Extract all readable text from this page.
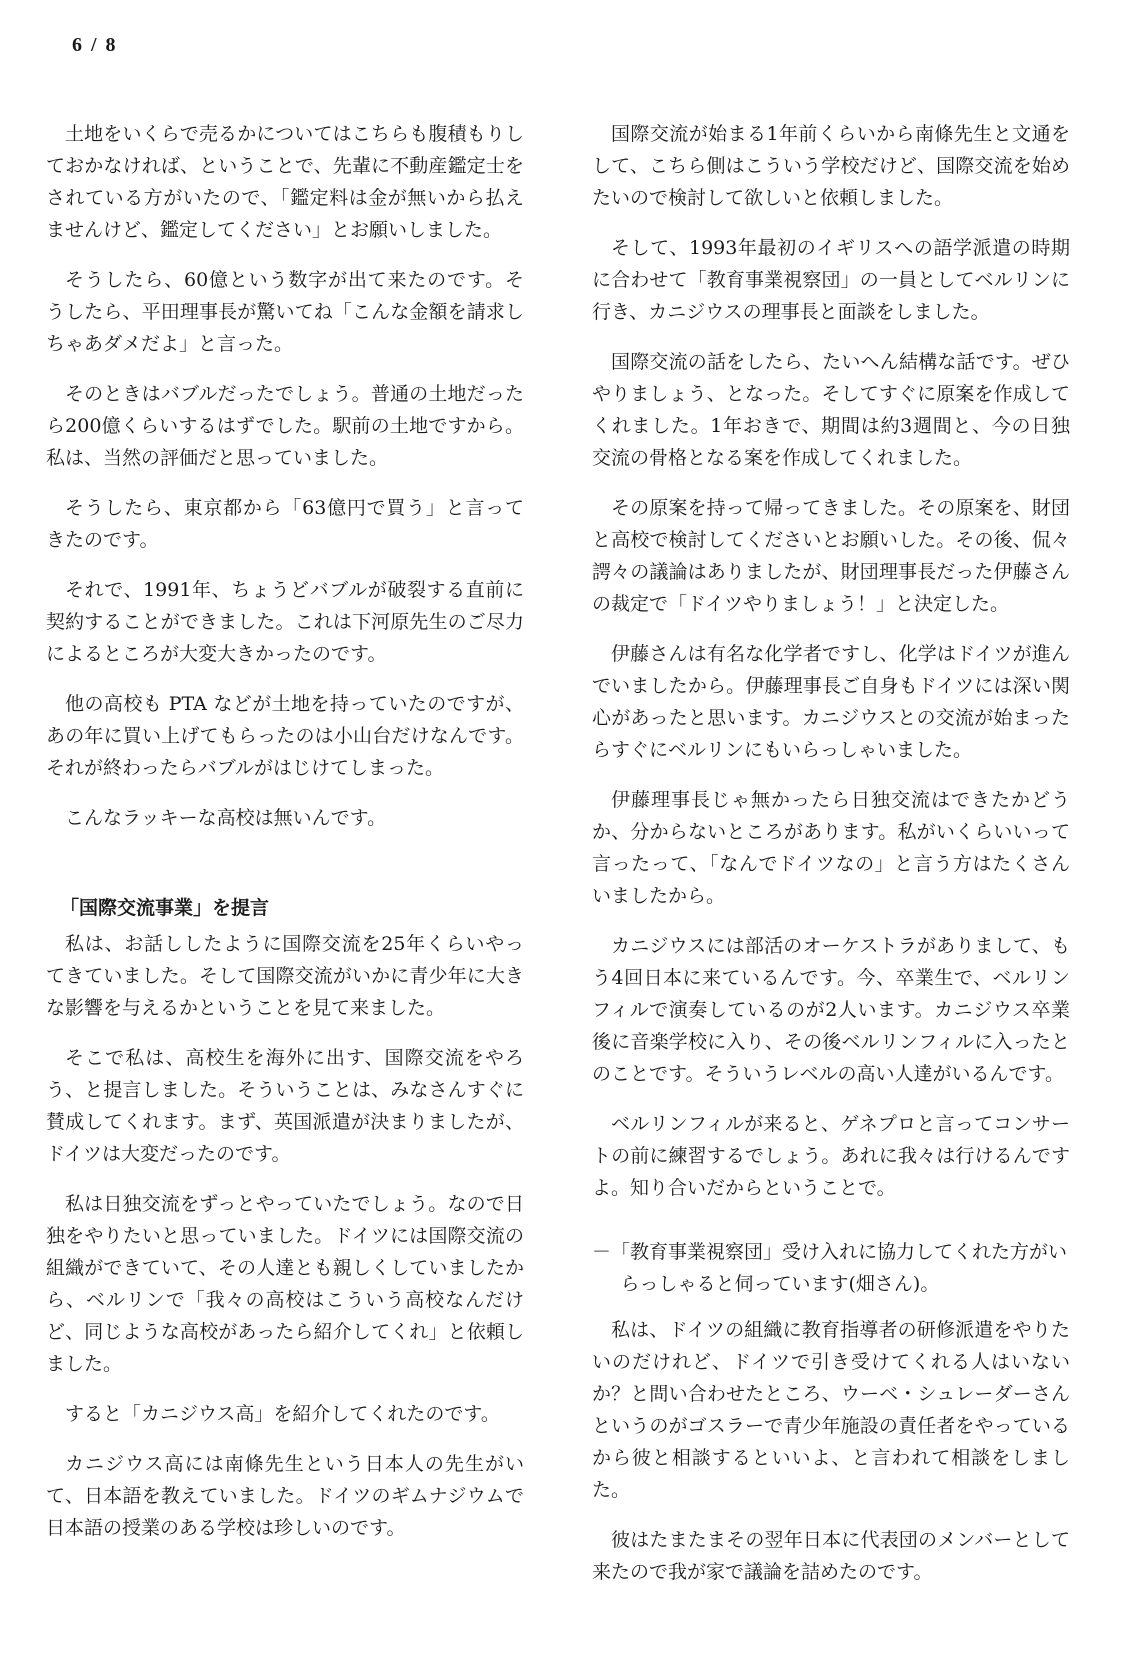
6 / 8

土地をいくらで売るかについてはこちらも腹積もりしておかなければ、ということで、先輩に不動産鑑定士をされている方がいたので、「鑑定料は金が無いから払えませんけど、鑑定してください」とお願いしました。

そうしたら、60億という数字が出て来たのです。そうしたら、平田理事長が驚いてね「こんな金額を請求しちゃあダメだよ」と言った。

そのときはバブルだったでしょう。普通の土地だったら200億くらいするはずでした。駅前の土地ですから。私は、当然の評価だと思っていました。

そうしたら、東京都から「63億円で買う」と言ってきたのです。

それで、1991年、ちょうどバブルが破裂する直前に契約することができました。これは下河原先生のご尽力によるところが大変大きかったのです。

他の高校も PTA などが土地を持っていたのですが、あの年に買い上げてもらったのは小山台だけなんです。それが終わったらバブルがはじけてしまった。

こんなラッキーな高校は無いんです。

「国際交流事業」を提言

私は、お話ししたように国際交流を25年くらいやってきていました。そして国際交流がいかに青少年に大きな影響を与えるかということを見て来ました。

そこで私は、高校生を海外に出す、国際交流をやろう、と提言しました。そういうことは、みなさんすぐに賛成してくれます。まず、英国派遣が決まりましたが、ドイツは大変だったのです。

私は日独交流をずっとやっていたでしょう。なので日独をやりたいと思っていました。ドイツには国際交流の組織ができていて、その人達とも親しくしていましたから、ベルリンで「我々の高校はこういう高校なんだけど、同じような高校があったら紹介してくれ」と依頼しました。

すると「カニジウス高」を紹介してくれたのです。

カニジウス高には南條先生という日本人の先生がいて、日本語を教えていました。ドイツのギムナジウムで日本語の授業のある学校は珍しいのです。

国際交流が始まる1年前くらいから南條先生と文通をして、こちら側はこういう学校だけど、国際交流を始めたいので検討して欲しいと依頼しました。

そして、1993年最初のイギリスへの語学派遣の時期に合わせて「教育事業視察団」の一員としてベルリンに行き、カニジウスの理事長と面談をしました。

国際交流の話をしたら、たいへん結構な話です。ぜひやりましょう、となった。そしてすぐに原案を作成してくれました。1年おきで、期間は約3週間と、今の日独交流の骨格となる案を作成してくれました。

その原案を持って帰ってきました。その原案を、財団と高校で検討してくださいとお願いした。その後、侃々諤々の議論はありましたが、財団理事長だった伊藤さんの裁定で「ドイツやりましょう！」と決定した。

伊藤さんは有名な化学者ですし、化学はドイツが進んでいましたから。伊藤理事長ご自身もドイツには深い関心があったと思います。カニジウスとの交流が始まったらすぐにベルリンにもいらっしゃいました。

伊藤理事長じゃ無かったら日独交流はできたかどうか、分からないところがあります。私がいくらいいって言ったって、「なんでドイツなの」と言う方はたくさんいましたから。

カニジウスには部活のオーケストラがありまして、もう4回日本に来ているんです。今、卒業生で、ベルリンフィルで演奏しているのが2人います。カニジウス卒業後に音楽学校に入り、その後ベルリンフィルに入ったとのことです。そういうレベルの高い人達がいるんです。

ベルリンフィルが来ると、ゲネプロと言ってコンサートの前に練習するでしょう。あれに我々は行けるんですよ。知り合いだからということで。

－「教育事業視察団」受け入れに協力してくれた方がいらっしゃると伺っています(畑さん)。

私は、ドイツの組織に教育指導者の研修派遣をやりたいのだけれど、ドイツで引き受けてくれる人はいないか？と問い合わせたところ、ウーベ・シュレーダーさんというのがゴスラーで青少年施設の責任者をやっているから彼と相談するといいよ、と言われて相談をしました。

彼はたまたまその翌年日本に代表団のメンバーとして来たので我が家で議論を詰めたのです。
